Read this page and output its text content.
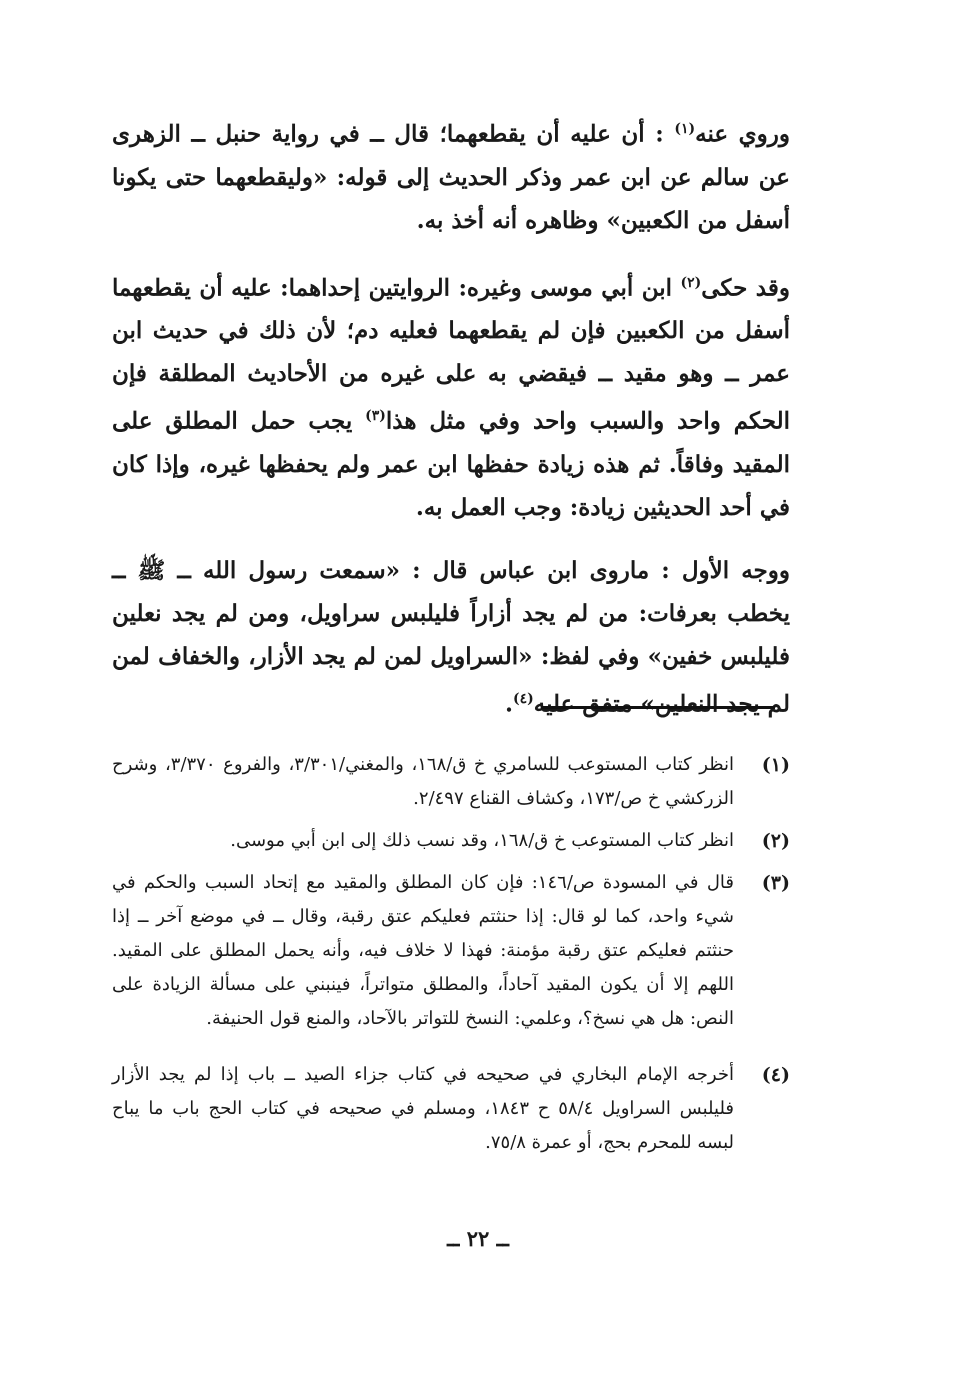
وروي عنه$^{(١)}$ : أن عليه أن يقطعهما؛ قال ــ في رواية حنبل ــ الزهرى عن سالم عن ابن عمر وذكر الحديث إلى قوله: «وليقطعهما حتى يكونا أسفل من الكعبين» وظاهره أنه أخذ به.

وقد حكى$^{(٢)}$ ابن أبي موسى وغيره: الروايتين إحداهما: عليه أن يقطعهما أسفل من الكعبين فإن لم يقطعهما فعليه دم؛ لأن ذلك في حديث ابن عمر ــ وهو مقيد ــ فيقضي به على غيره من الأحاديث المطلقة فإن الحكم واحد والسبب واحد وفي مثل هذا$^{(٣)}$ يجب حمل المطلق على المقيد وفاقاً. ثم هذه زيادة حفظها ابن عمر ولم يحفظها غيره، وإذا كان في أحد الحديثين زيادة: وجب العمل به.

ووجه الأول : ماروى ابن عباس قال : «سمعت رسول الله ــ ﷺ ــ يخطب بعرفات: من لم يجد أزاراً فليلبس سراويل، ومن لم يجد نعلين فليلبس خفين» وفي لفظ: «السراويل لمن لم يجد الأزار، والخفاف لمن لم يجد النعلين» متفق عليه$^{(٤)}$.

(١)
انظر كتاب المستوعب للسامري خ ق/١٦٨، والمغني/٣/٣٠١، والفروع ٣/٣٧٠، وشرح الزركشي خ ص/١٧٣، وكشاف القناع ٢/٤٩٧.
(٢)
انظر كتاب المستوعب خ ق/١٦٨، وقد نسب ذلك إلى ابن أبي موسى.
(٣)
قال في المسودة ص/١٤٦: فإن كان المطلق والمقيد مع إتحاد السبب والحكم في شيء واحد، كما لو قال: إذا حنثتم فعليكم عتق رقبة، وقال ــ في موضع آخر ــ إذا حنثتم فعليكم عتق رقبة مؤمنة: فهذا لا خلاف فيه، وأنه يحمل المطلق على المقيد. اللهم إلا أن يكون المقيد آحاداً، والمطلق متواتراً، فينبني على مسألة الزيادة على النص: هل هي نسخ؟، وعلمي: النسخ للتواتر بالآحاد، والمنع قول الحنيفة.
(٤)
أخرجه الإمام البخاري في صحيحه في كتاب جزاء الصيد ــ باب إذا لم يجد الأزار فليلبس السراويل ٥٨/٤ ح ١٨٤٣، ومسلم في صحيحه في كتاب الحج باب ما يباح لبسه للمحرم بحج، أو عمرة ٧٥/٨.
ــ ٢٢ ــ
